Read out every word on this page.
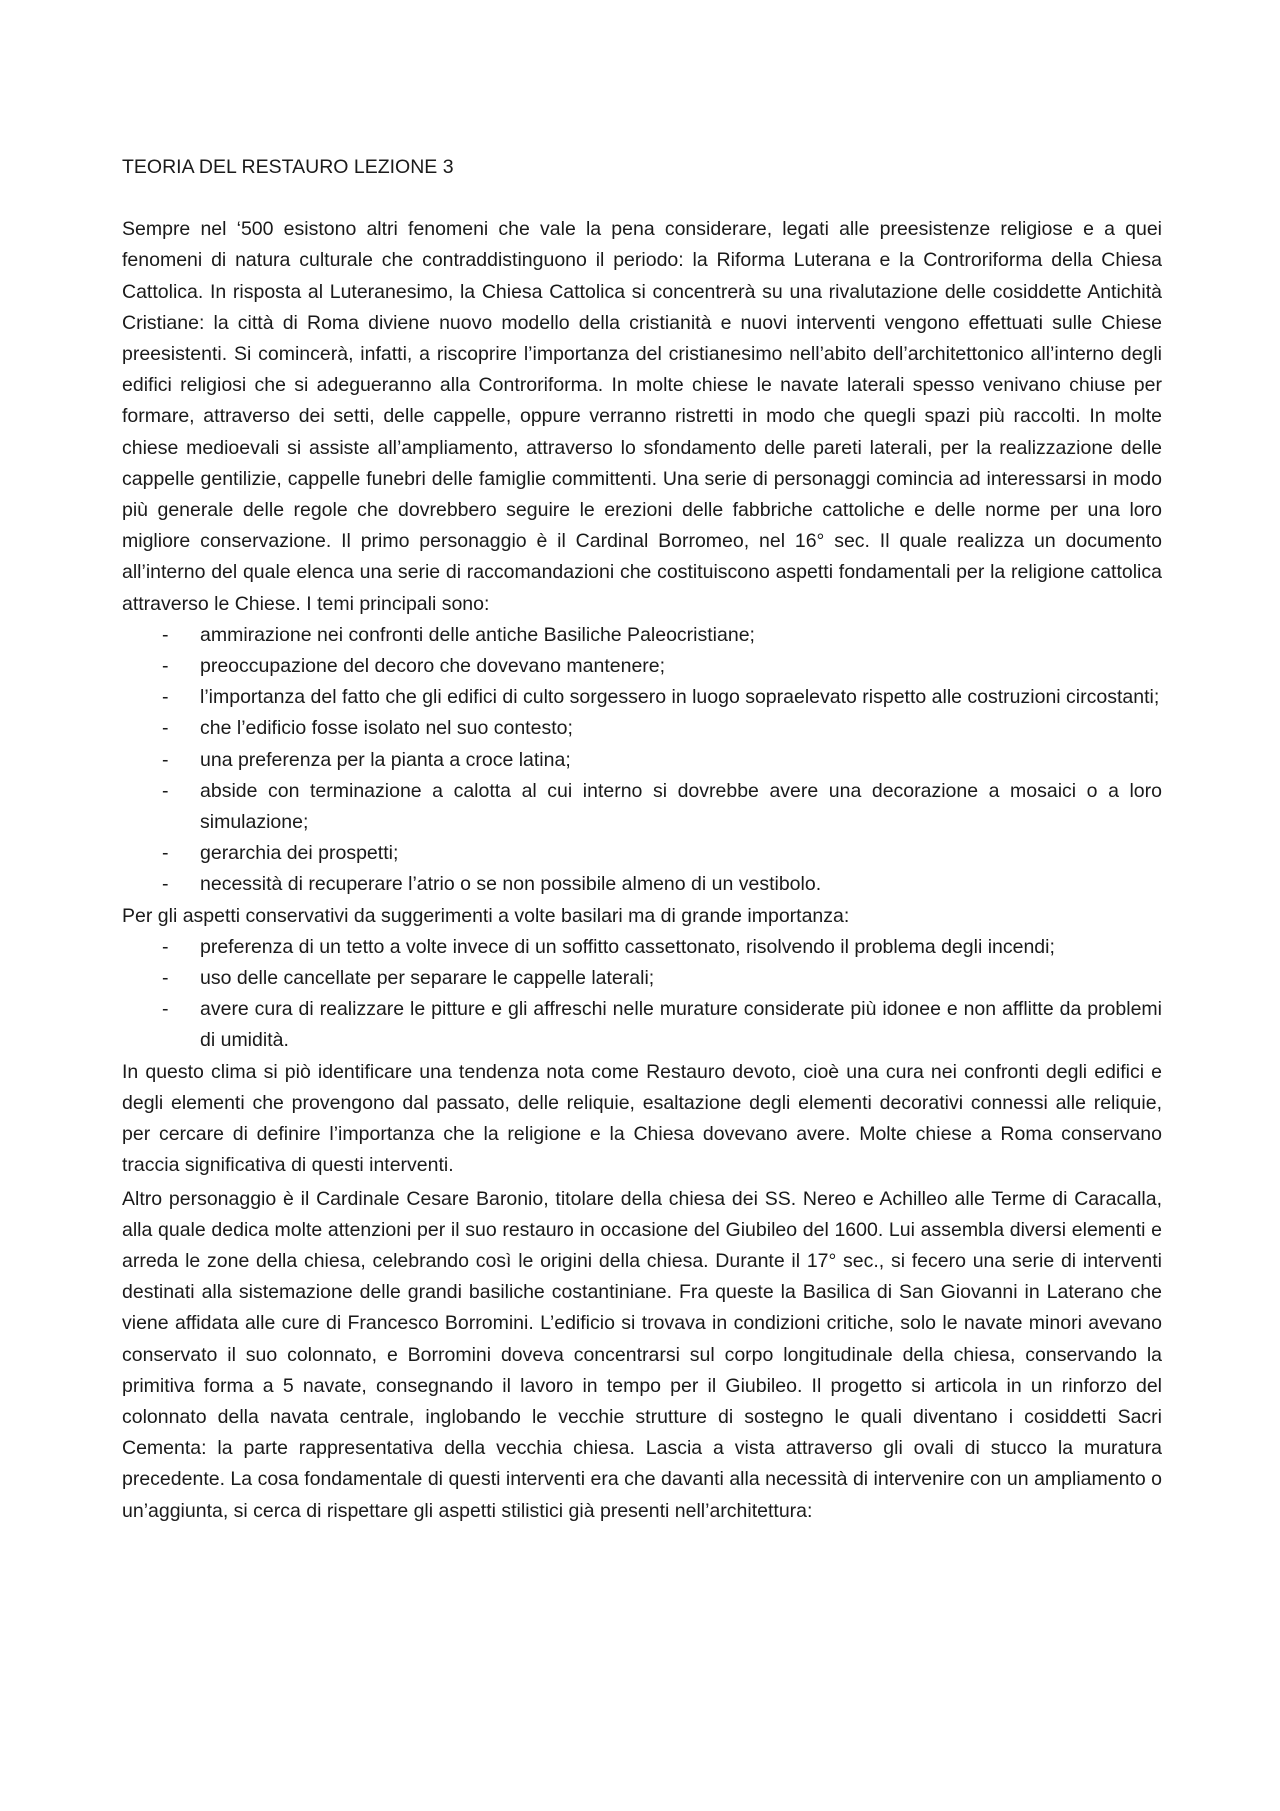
TEORIA DEL RESTAURO LEZIONE 3

Sempre nel ‘500 esistono altri fenomeni che vale la pena considerare, legati alle preesistenze religiose e a quei fenomeni di natura culturale che contraddistinguono il periodo: la Riforma Luterana e la Controriforma della Chiesa Cattolica. In risposta al Luteranesimo, la Chiesa Cattolica si concentrerà su una rivalutazione delle cosiddette Antichità Cristiane: la città di Roma diviene nuovo modello della cristianità e nuovi interventi vengono effettuati sulle Chiese preesistenti. Si comincerà, infatti, a riscoprire l’importanza del cristianesimo nell’abito dell’architettonico all’interno degli edifici religiosi che si adegueranno alla Controriforma. In molte chiese le navate laterali spesso venivano chiuse per formare, attraverso dei setti, delle cappelle, oppure verranno ristretti in modo che quegli spazi più raccolti. In molte chiese medioevali si assiste all’ampliamento, attraverso lo sfondamento delle pareti laterali, per la realizzazione delle cappelle gentilizie, cappelle funebri delle famiglie committenti. Una serie di personaggi comincia ad interessarsi in modo più generale delle regole che dovrebbero seguire le erezioni delle fabbriche cattoliche e delle norme per una loro migliore conservazione. Il primo personaggio è il Cardinal Borromeo, nel 16° sec. Il quale realizza un documento all’interno del quale elenca una serie di raccomandazioni che costituiscono aspetti fondamentali per la religione cattolica attraverso le Chiese. I temi principali sono:

- ammirazione nei confronti delle antiche Basiliche Paleocristiane;
- preoccupazione del decoro che dovevano mantenere;
- l’importanza del fatto che gli edifici di culto sorgessero in luogo sopraelevato rispetto alle costruzioni circostanti;
- che l’edificio fosse isolato nel suo contesto;
- una preferenza per la pianta a croce latina;
- abside con terminazione a calotta al cui interno si dovrebbe avere una decorazione a mosaici o a loro simulazione;
- gerarchia dei prospetti;
- necessità di recuperare l’atrio o se non possibile almeno di un vestibolo.

Per gli aspetti conservativi da suggerimenti a volte basilari ma di grande importanza:

- preferenza di un tetto a volte invece di un soffitto cassettonato, risolvendo il problema degli incendi;
- uso delle cancellate per separare le cappelle laterali;
- avere cura di realizzare le pitture e gli affreschi nelle murature considerate più idonee e non afflitte da problemi di umidità.

In questo clima si piò identificare una tendenza nota come Restauro devoto, cioè una cura nei confronti degli edifici e degli elementi che provengono dal passato, delle reliquie, esaltazione degli elementi decorativi connessi alle reliquie, per cercare di definire l’importanza che la religione e la Chiesa dovevano avere. Molte chiese a Roma conservano traccia significativa di questi interventi.

Altro personaggio è il Cardinale Cesare Baronio, titolare della chiesa dei SS. Nereo e Achilleo alle Terme di Caracalla, alla quale dedica molte attenzioni per il suo restauro in occasione del Giubileo del 1600. Lui assembla diversi elementi e arreda le zone della chiesa, celebrando così le origini della chiesa. Durante il 17° sec., si fecero una serie di interventi destinati alla sistemazione delle grandi basiliche costantiniane. Fra queste la Basilica di San Giovanni in Laterano che viene affidata alle cure di Francesco Borromini. L’edificio si trovava in condizioni critiche, solo le navate minori avevano conservato il suo colonnato, e Borromini doveva concentrarsi sul corpo longitudinale della chiesa, conservando la primitiva forma a 5 navate, consegnando il lavoro in tempo per il Giubileo. Il progetto si articola in un rinforzo del colonnato della navata centrale, inglobando le vecchie strutture di sostegno le quali diventano i cosiddetti Sacri Cementa: la parte rappresentativa della vecchia chiesa. Lascia a vista attraverso gli ovali di stucco la muratura precedente. La cosa fondamentale di questi interventi era che davanti alla necessità di intervenire con un ampliamento o un’aggiunta, si cerca di rispettare gli aspetti stilistici già presenti nell’architettura:
